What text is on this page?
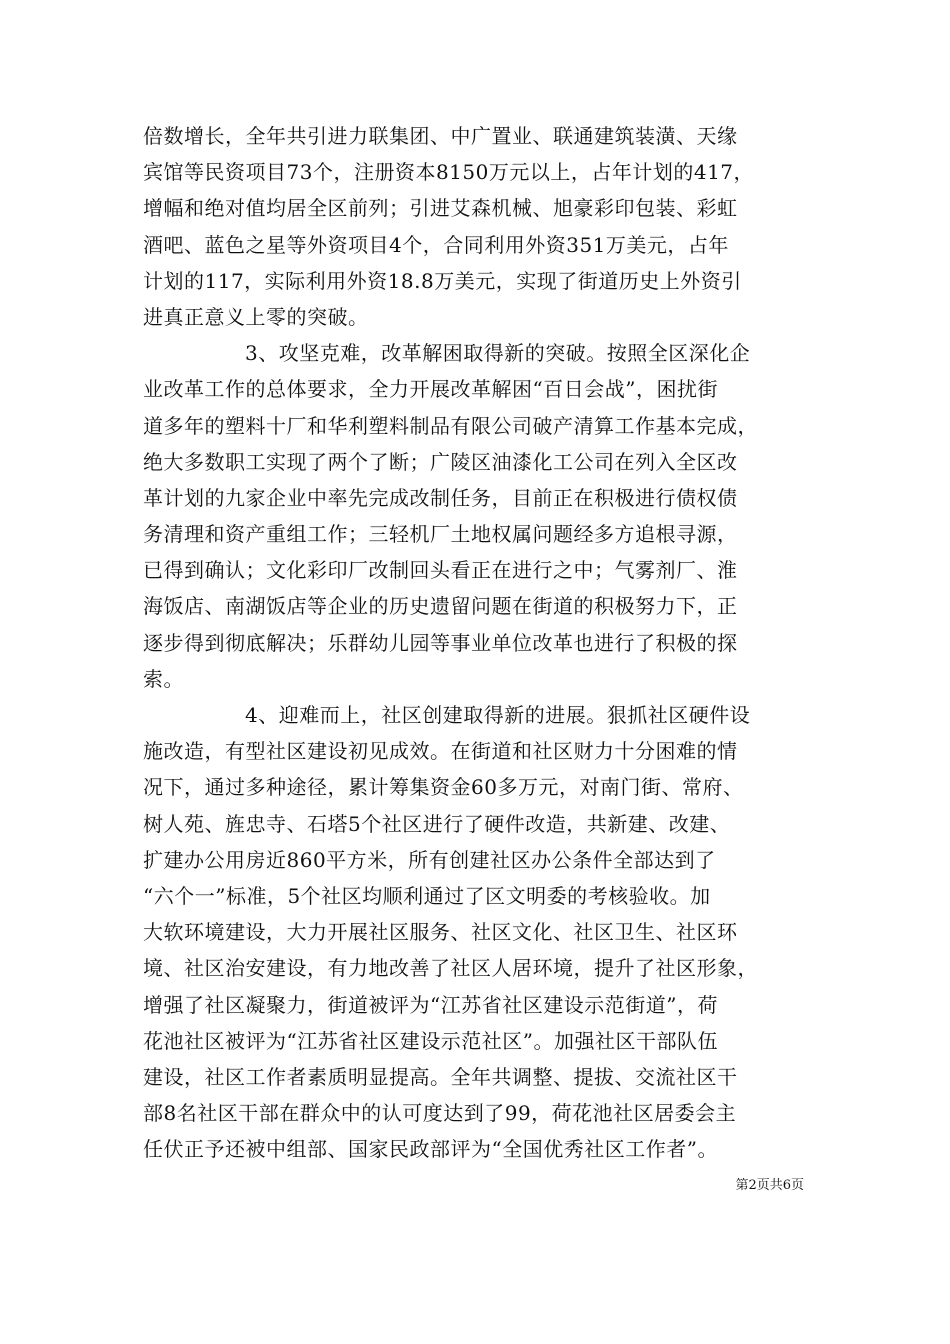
倍数增长，全年共引进力联集团、中广置业、联通建筑装潢、天缘
宾馆等民资项目73个，注册资本8150万元以上，占年计划的417，
增幅和绝对值均居全区前列；引进艾森机械、旭豪彩印包装、彩虹
酒吧、蓝色之星等外资项目4个，合同利用外资351万美元，占年
计划的117，实际利用外资18.8万美元，实现了街道历史上外资引
进真正意义上零的突破。
3、攻坚克难，改革解困取得新的突破。按照全区深化企
业改革工作的总体要求，全力开展改革解困“百日会战”，困扰街
道多年的塑料十厂和华利塑料制品有限公司破产清算工作基本完成，
绝大多数职工实现了两个了断；广陵区油漆化工公司在列入全区改
革计划的九家企业中率先完成改制任务，目前正在积极进行债权债
务清理和资产重组工作；三轻机厂土地权属问题经多方追根寻源，
已得到确认；文化彩印厂改制回头看正在进行之中；气雾剂厂、淮
海饭店、南湖饭店等企业的历史遗留问题在街道的积极努力下，正
逐步得到彻底解决；乐群幼儿园等事业单位改革也进行了积极的探
索。
4、迎难而上，社区创建取得新的进展。狠抓社区硬件设
施改造，有型社区建设初见成效。在街道和社区财力十分困难的情
况下，通过多种途径，累计筹集资金60多万元，对南门街、常府、
树人苑、旌忠寺、石塔5个社区进行了硬件改造，共新建、改建、
扩建办公用房近860平方米，所有创建社区办公条件全部达到了
“六个一”标准，5个社区均顺利通过了区文明委的考核验收。加
大软环境建设，大力开展社区服务、社区文化、社区卫生、社区环
境、社区治安建设，有力地改善了社区人居环境，提升了社区形象，
增强了社区凝聚力，街道被评为“江苏省社区建设示范街道”，荷
花池社区被评为“江苏省社区建设示范社区”。加强社区干部队伍
建设，社区工作者素质明显提高。全年共调整、提拔、交流社区干
部8名社区干部在群众中的认可度达到了99，荷花池社区居委会主
任伏正予还被中组部、国家民政部评为“全国优秀社区工作者”。
第2页共6页
